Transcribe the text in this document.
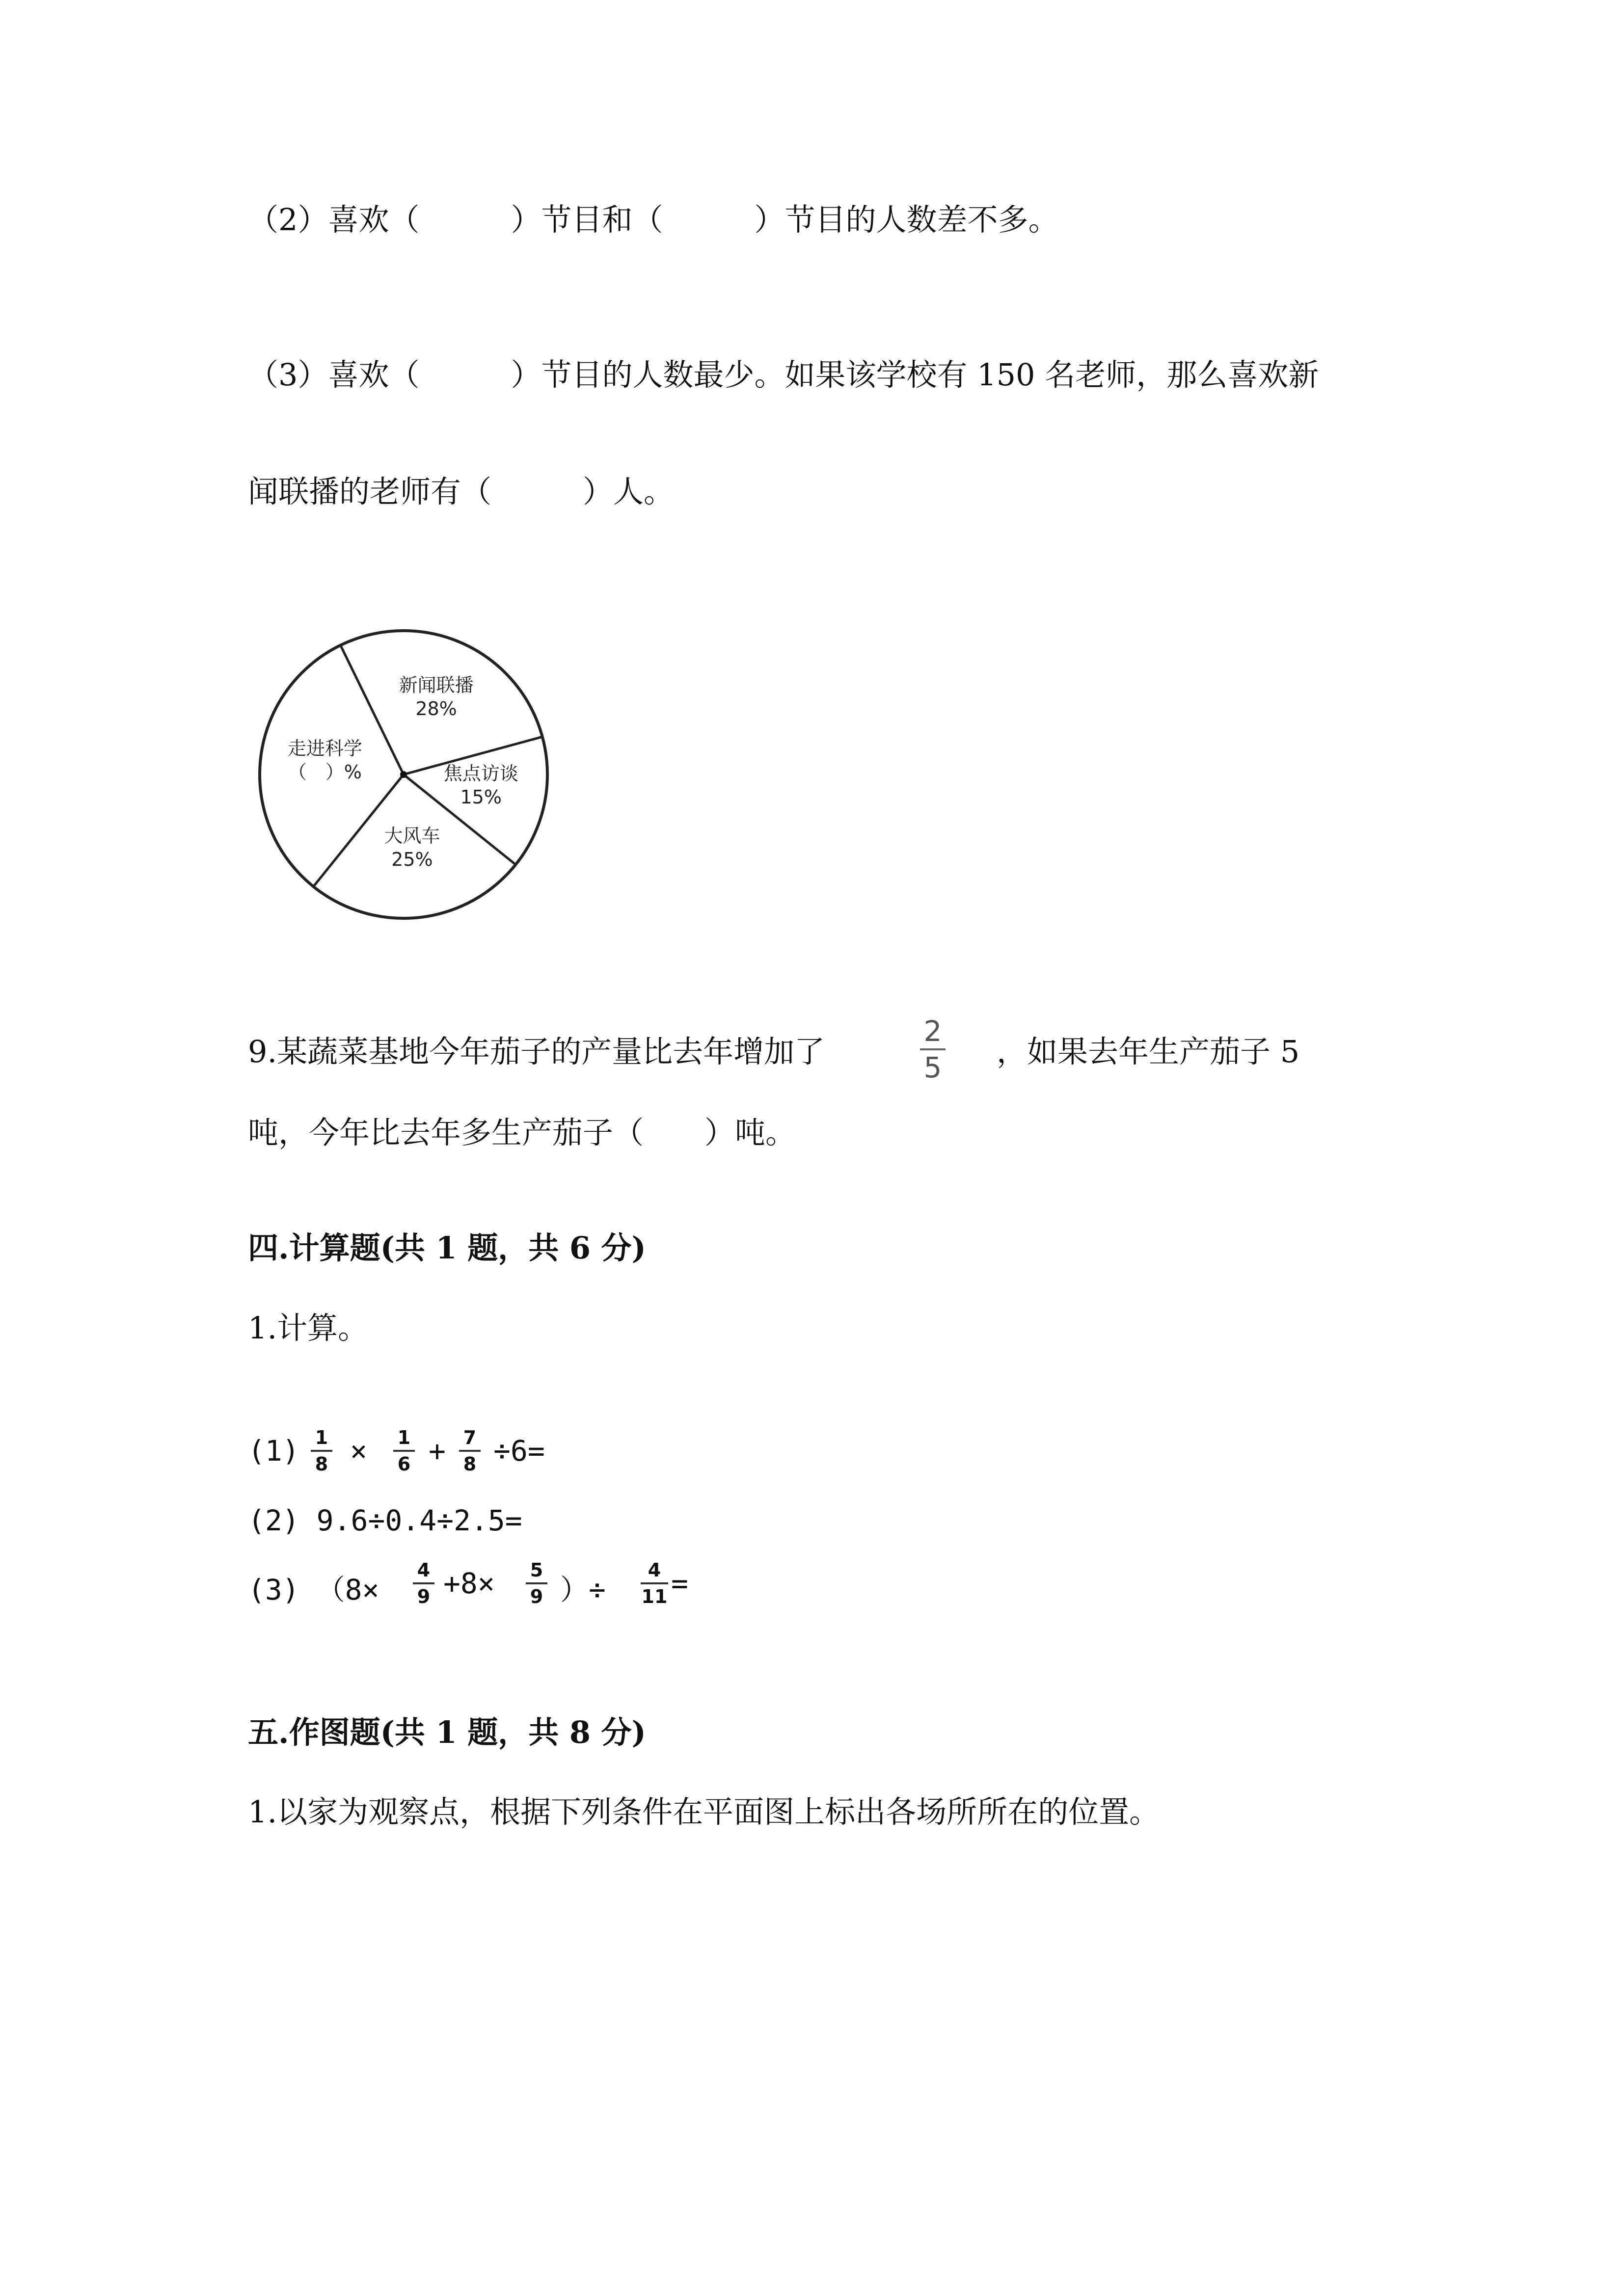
（2）喜欢（　　　）节目和（　　　）节目的人数差不多。
（3）喜欢（　　　）节目的人数最少。如果该学校有 150 名老师，那么喜欢新
闻联播的老师有（　　　）人。
新闻联播
28%
焦点访谈
15%
大风车
25%
走进科学
（　）%
9.某蔬菜基地今年茄子的产量比去年增加了
2
5 ，如果去年生产茄子 5
吨，今年比去年多生产茄子（　　）吨。
四.计算题(共 1 题，共 6 分)
1.计算。
(1) 1
8 × 1
6 + 7
8 ÷6=
(2) 9.6÷0.4÷2.5=
(3) （8×
4
9 +8× 5
9 ）÷
4
11 =
五.作图题(共 1 题，共 8 分)
1.以家为观察点，根据下列条件在平面图上标出各场所所在的位置。
